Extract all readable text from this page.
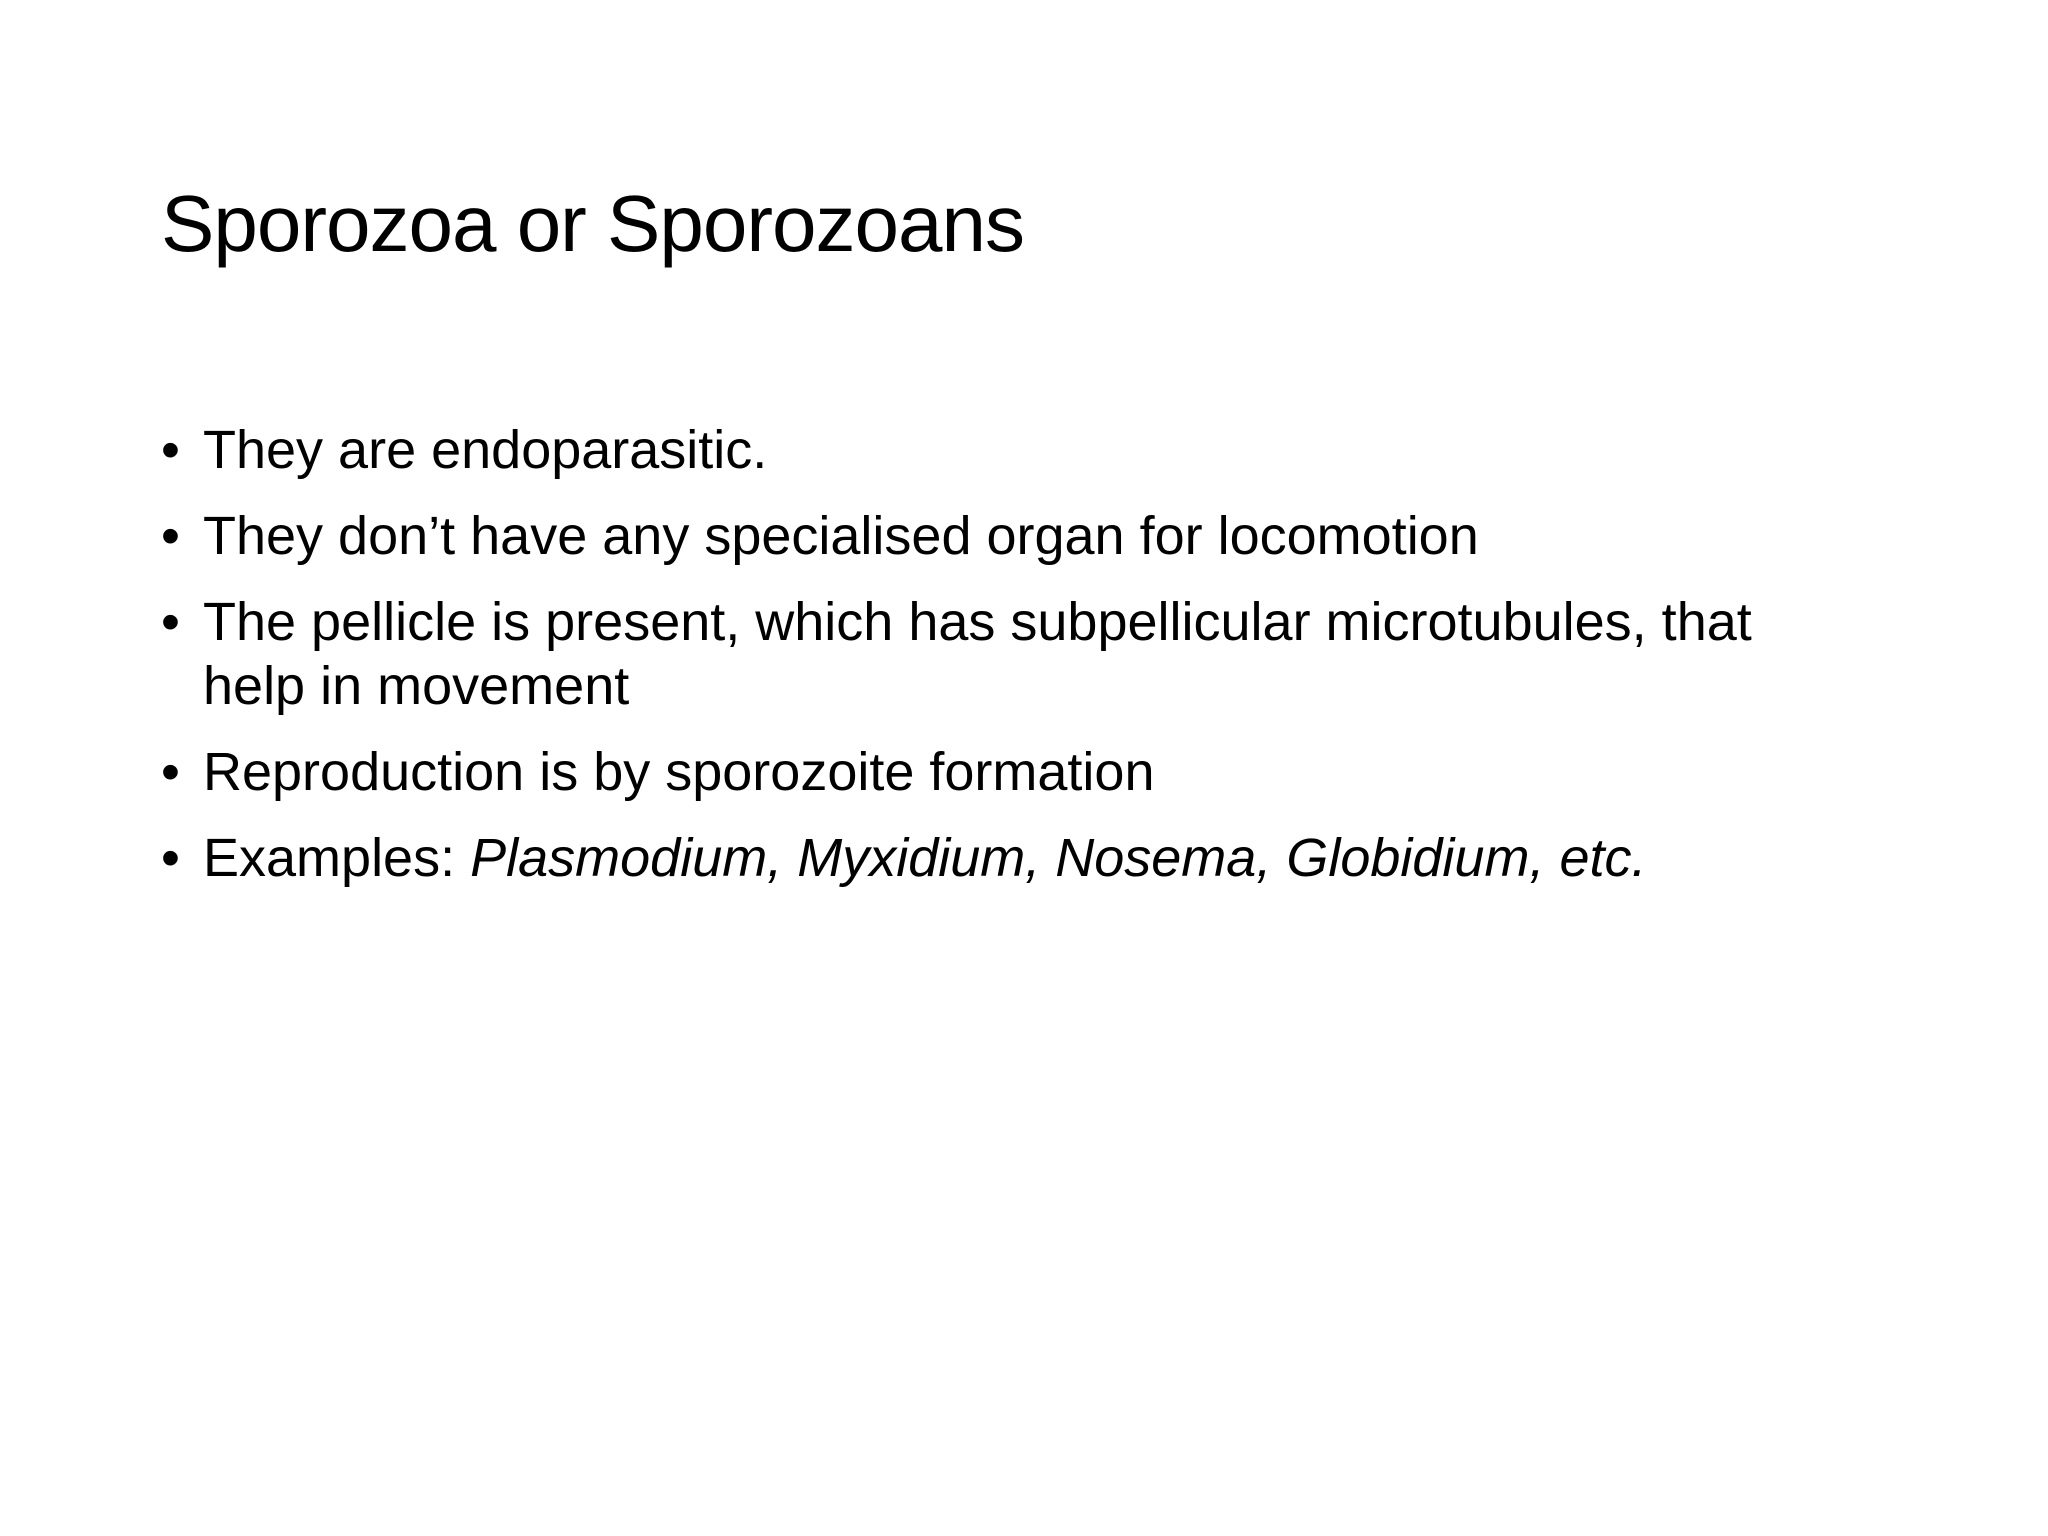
Sporozoa or Sporozoans
• They are endoparasitic.
• They don’t have any specialised organ for locomotion
• The pellicle is present, which has subpellicular microtubules, that help in movement
• Reproduction is by sporozoite formation
• Examples: Plasmodium, Myxidium, Nosema, Globidium, etc.
